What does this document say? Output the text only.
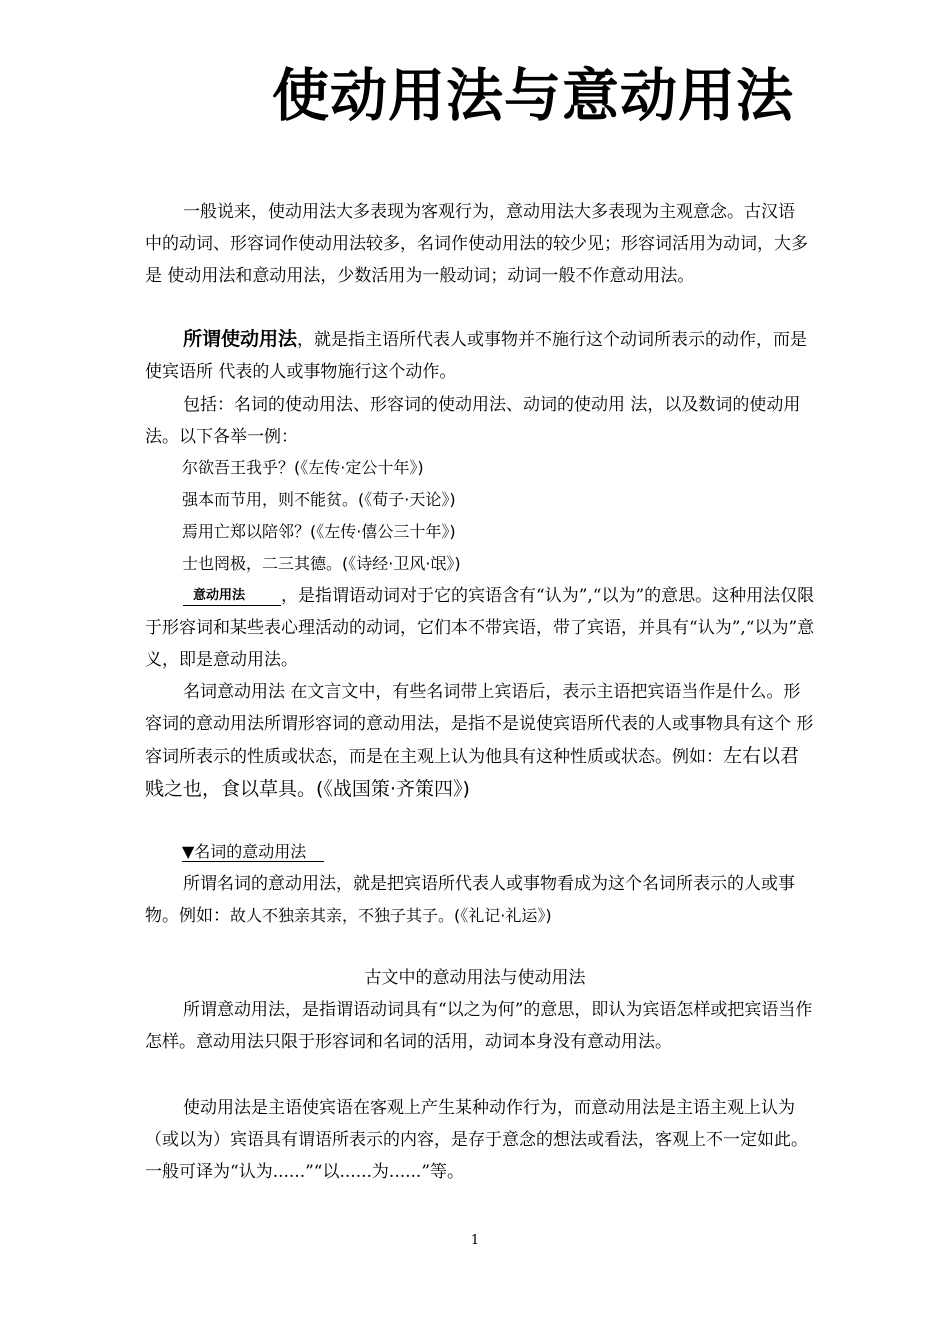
使动用法与意动用法

一般说来，使动用法大多表现为客观行为，意动用法大多表现为主观意念。古汉语 中的动词、形容词作使动用法较多，名词作使动用法的较少见；形容词活用为动词，大多是 使动用法和意动用法，少数活用为一般动词；动词一般不作意动用法。

所谓使动用法，就是指主语所代表人或事物并不施行这个动词所表示的动作，而是使宾语所 代表的人或事物施行这个动作。

包括：名词的使动用法、形容词的使动用法、动词的使动用 法，以及数词的使动用法。以下各举一例：

尔欲吾王我乎？(《左传·定公十年》)
强本而节用，则不能贫。(《荀子·天论》)
焉用亡郑以陪邻？(《左传·僖公三十年》)
士也罔极，二三其德。(《诗经·卫风·氓》)

意动用法 ，是指谓语动词对于它的宾语含有“认为”,“以为”的意思。这种用法仅限于形容词和某些表心理活动的动词，它们本不带宾语，带了宾语，并具有“认为”,“以为”意义，即是意动用法。

名词意动用法 在文言文中，有些名词带上宾语后，表示主语把宾语当作是什么。形容词的意动用法所谓形容词的意动用法，是指不是说使宾语所代表的人或事物具有这个 形容词所表示的性质或状态，而是在主观上认为他具有这种性质或状态。例如：左右以君贱之也，食以草具。(《战国策·齐策四》)

▼名词的意动用法

所谓名词的意动用法，就是把宾语所代表人或事物看成为这个名词所表示的人或事物。例如：故人不独亲其亲，不独子其子。(《礼记·礼运》)

古文中的意动用法与使动用法

所谓意动用法，是指谓语动词具有“以之为何”的意思，即认为宾语怎样或把宾语当作怎样。意动用法只限于形容词和名词的活用，动词本身没有意动用法。

使动用法是主语使宾语在客观上产生某种动作行为，而意动用法是主语主观上认为（或以为）宾语具有谓语所表示的内容，是存于意念的想法或看法，客观上不一定如此。一般可译为“认为......”“以......为......”等。

1
